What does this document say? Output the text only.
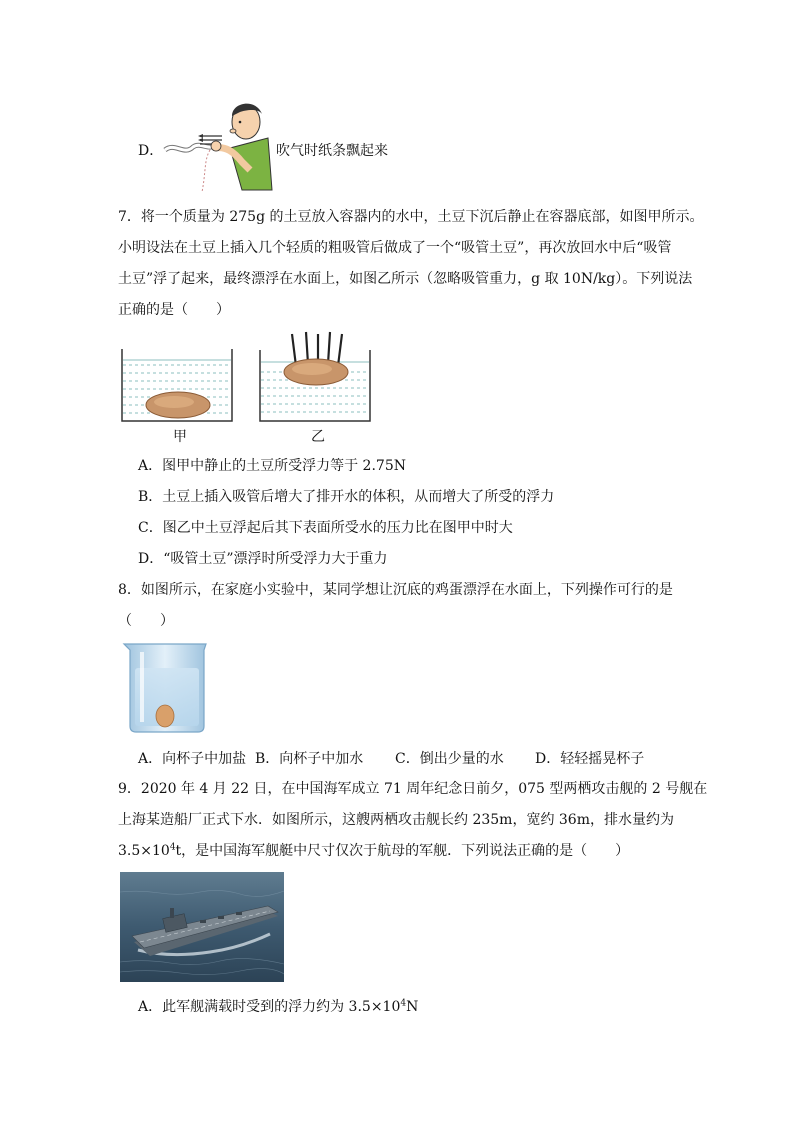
D．	吹气时纸条飘起来
7．将一个质量为 275g 的土豆放入容器内的水中，土豆下沉后静止在容器底部，如图甲所示。
小明设法在土豆上插入几个轻质的粗吸管后做成了一个“吸管土豆”，再次放回水中后“吸管
土豆”浮了起来，最终漂浮在水面上，如图乙所示（忽略吸管重力，g 取 10N/kg）。下列说法
正确的是（　　）
甲	乙
A．图甲中静止的土豆所受浮力等于 2.75N
B．土豆上插入吸管后增大了排开水的体积，从而增大了所受的浮力
C．图乙中土豆浮起后其下表面所受水的压力比在图甲中时大
D．“吸管土豆”漂浮时所受浮力大于重力
8．如图所示，在家庭小实验中，某同学想让沉底的鸡蛋漂浮在水面上，下列操作可行的是
（　　）
A．向杯子中加盐 B．向杯子中加水 C．倒出少量的水 D．轻轻摇晃杯子
9．2020 年 4 月 22 日，在中国海军成立 71 周年纪念日前夕，075 型两栖攻击舰的 2 号舰在
上海某造船厂正式下水．如图所示，这艘两栖攻击舰长约 235m，宽约 36m，排水量约为
$3.5\times 10^4t$，是中国海军舰艇中尺寸仅次于航母的军舰．下列说法正确的是（　　）
A．此军舰满载时受到的浮力约为 $3.5\times 10^4N$
